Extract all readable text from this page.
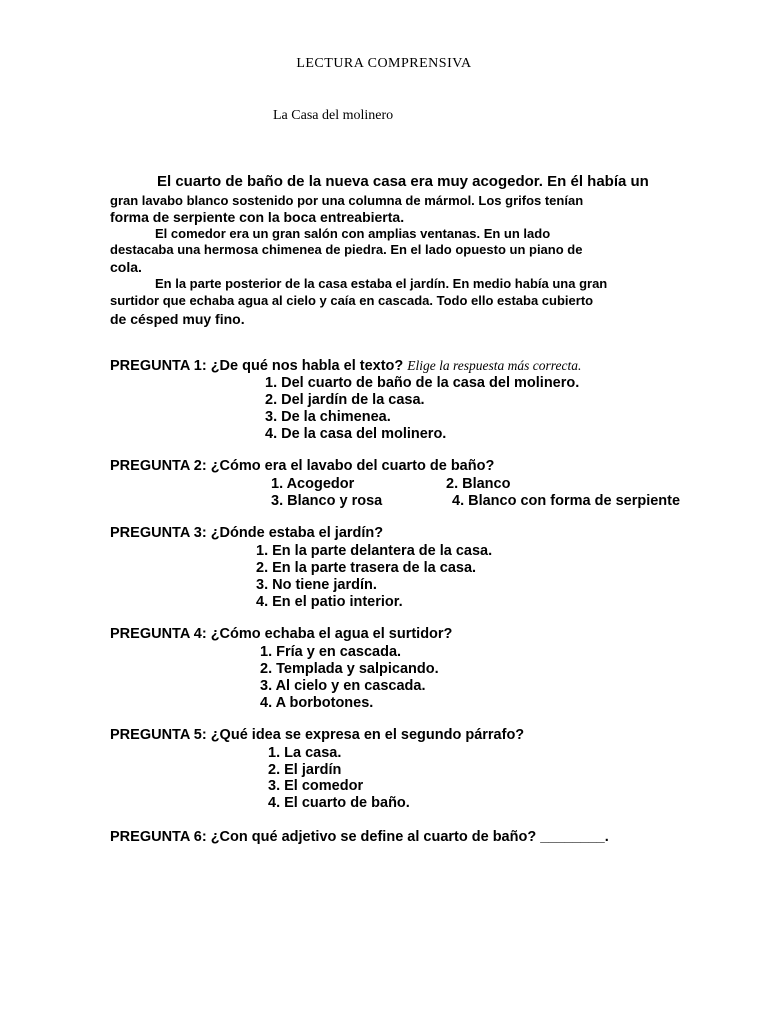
LECTURA COMPRENSIVA
La Casa del molinero
El cuarto de baño de la nueva casa era muy acogedor. En él había un
gran lavabo blanco sostenido por una columna de mármol. Los grifos tenían
forma de serpiente con la boca entreabierta.
El comedor era un gran salón con amplias ventanas. En un lado
destacaba una hermosa chimenea de piedra. En el lado opuesto un piano de
cola.
En la parte posterior de la casa estaba el jardín. En medio había una gran
surtidor que echaba agua al cielo y caía en cascada. Todo ello estaba cubierto
de césped muy fino.
PREGUNTA 1: ¿De qué nos habla el texto? Elige la respuesta más correcta.
1. Del cuarto de baño de la casa del molinero.
2. Del jardín de la casa.
3. De la chimenea.
4. De la casa del molinero.
PREGUNTA 2: ¿Cómo era el lavabo del cuarto de baño?
1. Acogedor	2. Blanco
3. Blanco y rosa	4. Blanco con forma de serpiente
PREGUNTA 3: ¿Dónde estaba el jardín?
1. En la parte delantera de la casa.
2. En la parte trasera de la casa.
3. No tiene jardín.
4. En el patio interior.
PREGUNTA 4: ¿Cómo echaba el agua el surtidor?
1. Fría y en cascada.
2. Templada y salpicando.
3. Al cielo y en cascada.
4. A borbotones.
PREGUNTA 5: ¿Qué idea se expresa en el segundo párrafo?
1. La casa.
2. El jardín
3. El comedor
4. El cuarto de baño.
PREGUNTA 6: ¿Con qué adjetivo se define al cuarto de baño? ________.
